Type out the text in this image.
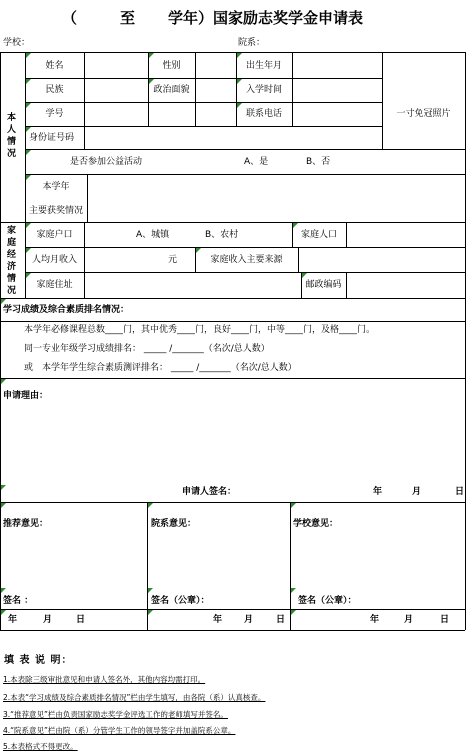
（	至 学年）国家励志奖学金申请表
学校：	院系：
本人情况
姓名	性别	出生年月
民族	政治面貌	入学时间
学号	联系电话	一寸免冠照片
身份证号码
是否参加公益活动	A、是	B、否
本学年
主要获奖情况
家庭经济情况
家庭户口	A、城镇	B、农村	家庭人口
人均月收入	元	家庭收入主要来源
家庭住址	邮政编码
学习成绩及综合素质排名情况：
本学年必修课程总数____门，其中优秀____门，良好____门，中等____门，及格____门。
同一专业年级学习成绩排名： _____ /_______（名次/总人数）
或 本学年学生综合素质测评排名： _____ /_______（名次/总人数）
申请理由：
申请人签名：	年	月	日
推荐意见：	院系意见：	学校意见：
签名 ：	签名（公章）：	签名（公章）：
年	月	日	年 月	日	年	月	日
填 表 说 明：
1.本表除三级审批意见和申请人签名外，其他内容均需打印。
2.本表“学习成绩及综合素质排名情况”栏由学生填写，由各院（系）认真核查。
3.“推荐意见”栏由负责国家励志奖学金评选工作的老师填写并签名。
4.“院系意见”栏由院（系）分管学生工作的领导签字并加盖院系公章。
5.本表格式不得更改。
